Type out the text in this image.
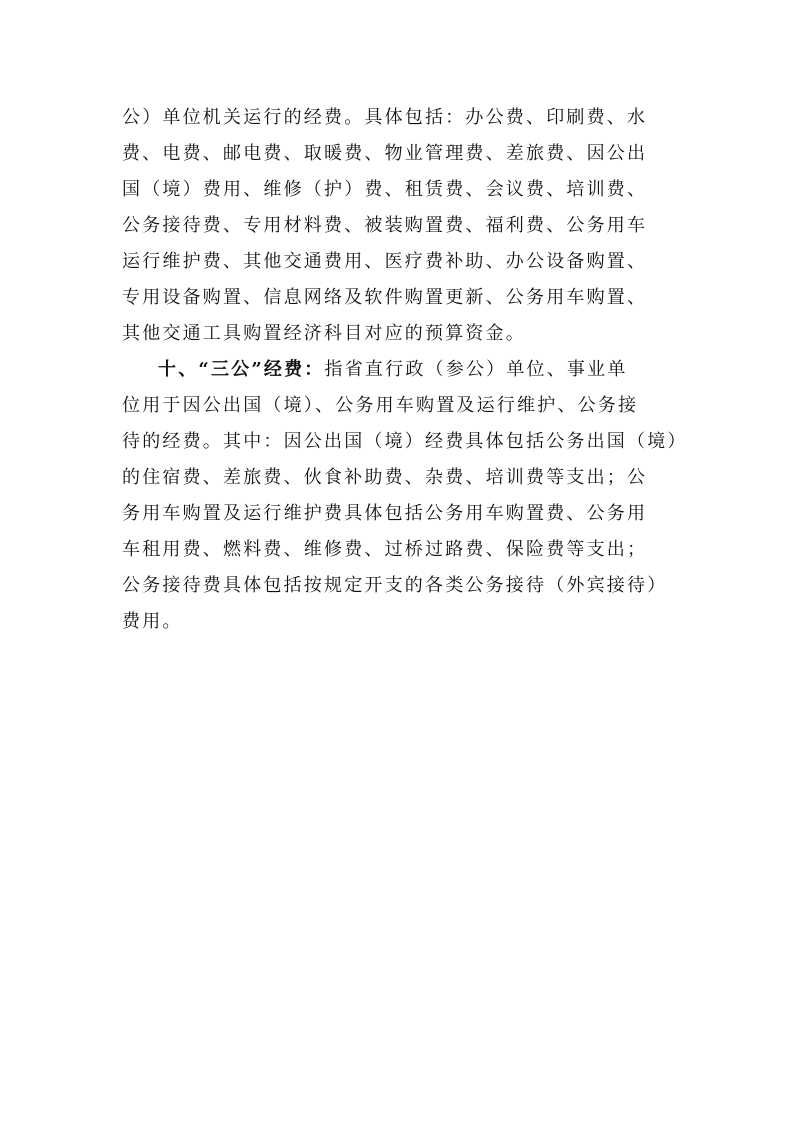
公）单位机关运行的经费。具体包括：办公费、印刷费、水
费、电费、邮电费、取暖费、物业管理费、差旅费、因公出
国（境）费用、维修（护）费、租赁费、会议费、培训费、
公务接待费、专用材料费、被装购置费、福利费、公务用车
运行维护费、其他交通费用、医疗费补助、办公设备购置、
专用设备购置、信息网络及软件购置更新、公务用车购置、
其他交通工具购置经济科目对应的预算资金。
十、“三公”经费：指省直行政（参公）单位、事业单
位用于因公出国（境）、公务用车购置及运行维护、公务接
待的经费。其中：因公出国（境）经费具体包括公务出国（境）
的住宿费、差旅费、伙食补助费、杂费、培训费等支出；公
务用车购置及运行维护费具体包括公务用车购置费、公务用
车租用费、燃料费、维修费、过桥过路费、保险费等支出；
公务接待费具体包括按规定开支的各类公务接待（外宾接待）
费用。
